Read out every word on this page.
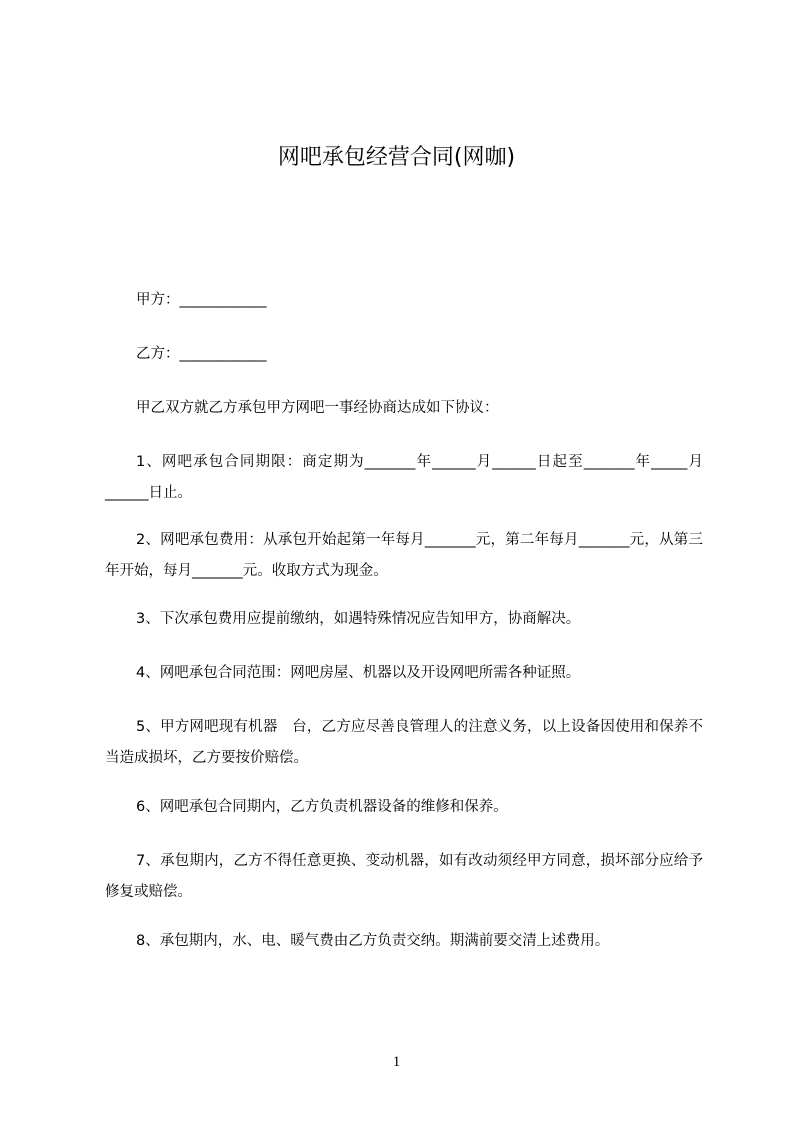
网吧承包经营合同(网咖)
甲方：____________
乙方：____________
甲乙双方就乙方承包甲方网吧一事经协商达成如下协议：
1、网吧承包合同期限：商定期为_______年______月______日起至_______年_____月______日止。
2、网吧承包费用：从承包开始起第一年每月_______元，第二年每月_______元，从第三年开始，每月_______元。收取方式为现金。
3、下次承包费用应提前缴纳，如遇特殊情况应告知甲方，协商解决。
4、网吧承包合同范围：网吧房屋、机器以及开设网吧所需各种证照。
5、甲方网吧现有机器　台，乙方应尽善良管理人的注意义务，以上设备因使用和保养不当造成损坏，乙方要按价赔偿。
6、网吧承包合同期内，乙方负责机器设备的维修和保养。
7、承包期内，乙方不得任意更换、变动机器，如有改动须经甲方同意，损坏部分应给予修复或赔偿。
8、承包期内，水、电、暖气费由乙方负责交纳。期满前要交清上述费用。
1
